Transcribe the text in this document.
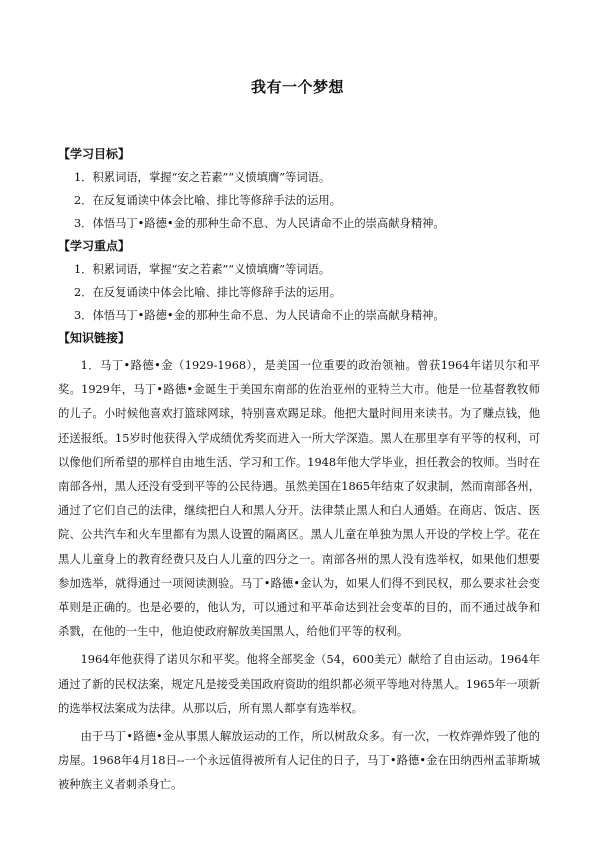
我有一个梦想
【学习目标】
1．积累词语，掌握“安之若素”“义愤填膺”等词语。
2．在反复诵读中体会比喻、排比等修辞手法的运用。
3．体悟马丁•路德•金的那种生命不息、为人民请命不止的崇高献身精神。
【学习重点】
1．积累词语，掌握“安之若素”“义愤填膺”等词语。
2．在反复诵读中体会比喻、排比等修辞手法的运用。
3．体悟马丁•路德•金的那种生命不息、为人民请命不止的崇高献身精神。
【知识链接】

1．马丁•路德•金（1929-1968），是美国一位重要的政治领袖。曾获1964年诺贝尔和平奖。1929年，马丁•路德•金诞生于美国东南部的佐治亚州的亚特兰大市。他是一位基督教牧师的儿子。小时候他喜欢打篮球网球，特别喜欢踢足球。他把大量时间用来读书。为了赚点钱，他还送报纸。15岁时他获得入学成绩优秀奖而进入一所大学深造。黑人在那里享有平等的权利，可以像他们所希望的那样自由地生活、学习和工作。1948年他大学毕业，担任教会的牧师。当时在南部各州，黑人还没有受到平等的公民待遇。虽然美国在1865年结束了奴隶制，然而南部各州，通过了它们自己的法律，继续把白人和黑人分开。法律禁止黑人和白人通婚。在商店、饭店、医院、公共汽车和火车里都有为黑人设置的隔离区。黑人儿童在单独为黑人开设的学校上学。花在黑人儿童身上的教育经费只及白人儿童的四分之一。南部各州的黑人没有选举权，如果他们想要参加选举，就得通过一项阅读测验。马丁•路德•金认为，如果人们得不到民权，那么要求社会变革则是正确的。也是必要的，他认为，可以通过和平革命达到社会变革的目的，而不通过战争和杀戮，在他的一生中，他迫使政府解放美国黑人，给他们平等的权利。

1964年他获得了诺贝尔和平奖。他将全部奖金（54，600美元）献给了自由运动。1964年通过了新的民权法案，规定凡是接受美国政府资助的组织都必须平等地对待黑人。1965年一项新的选举权法案成为法律。从那以后，所有黑人都享有选举权。

由于马丁•路德•金从事黑人解放运动的工作，所以树敌众多。有一次，一枚炸弹炸毁了他的房屋。1968年4月18日--一个永远值得被所有人记住的日子，马丁•路德•金在田纳西州孟菲斯城被种族主义者刺杀身亡。
